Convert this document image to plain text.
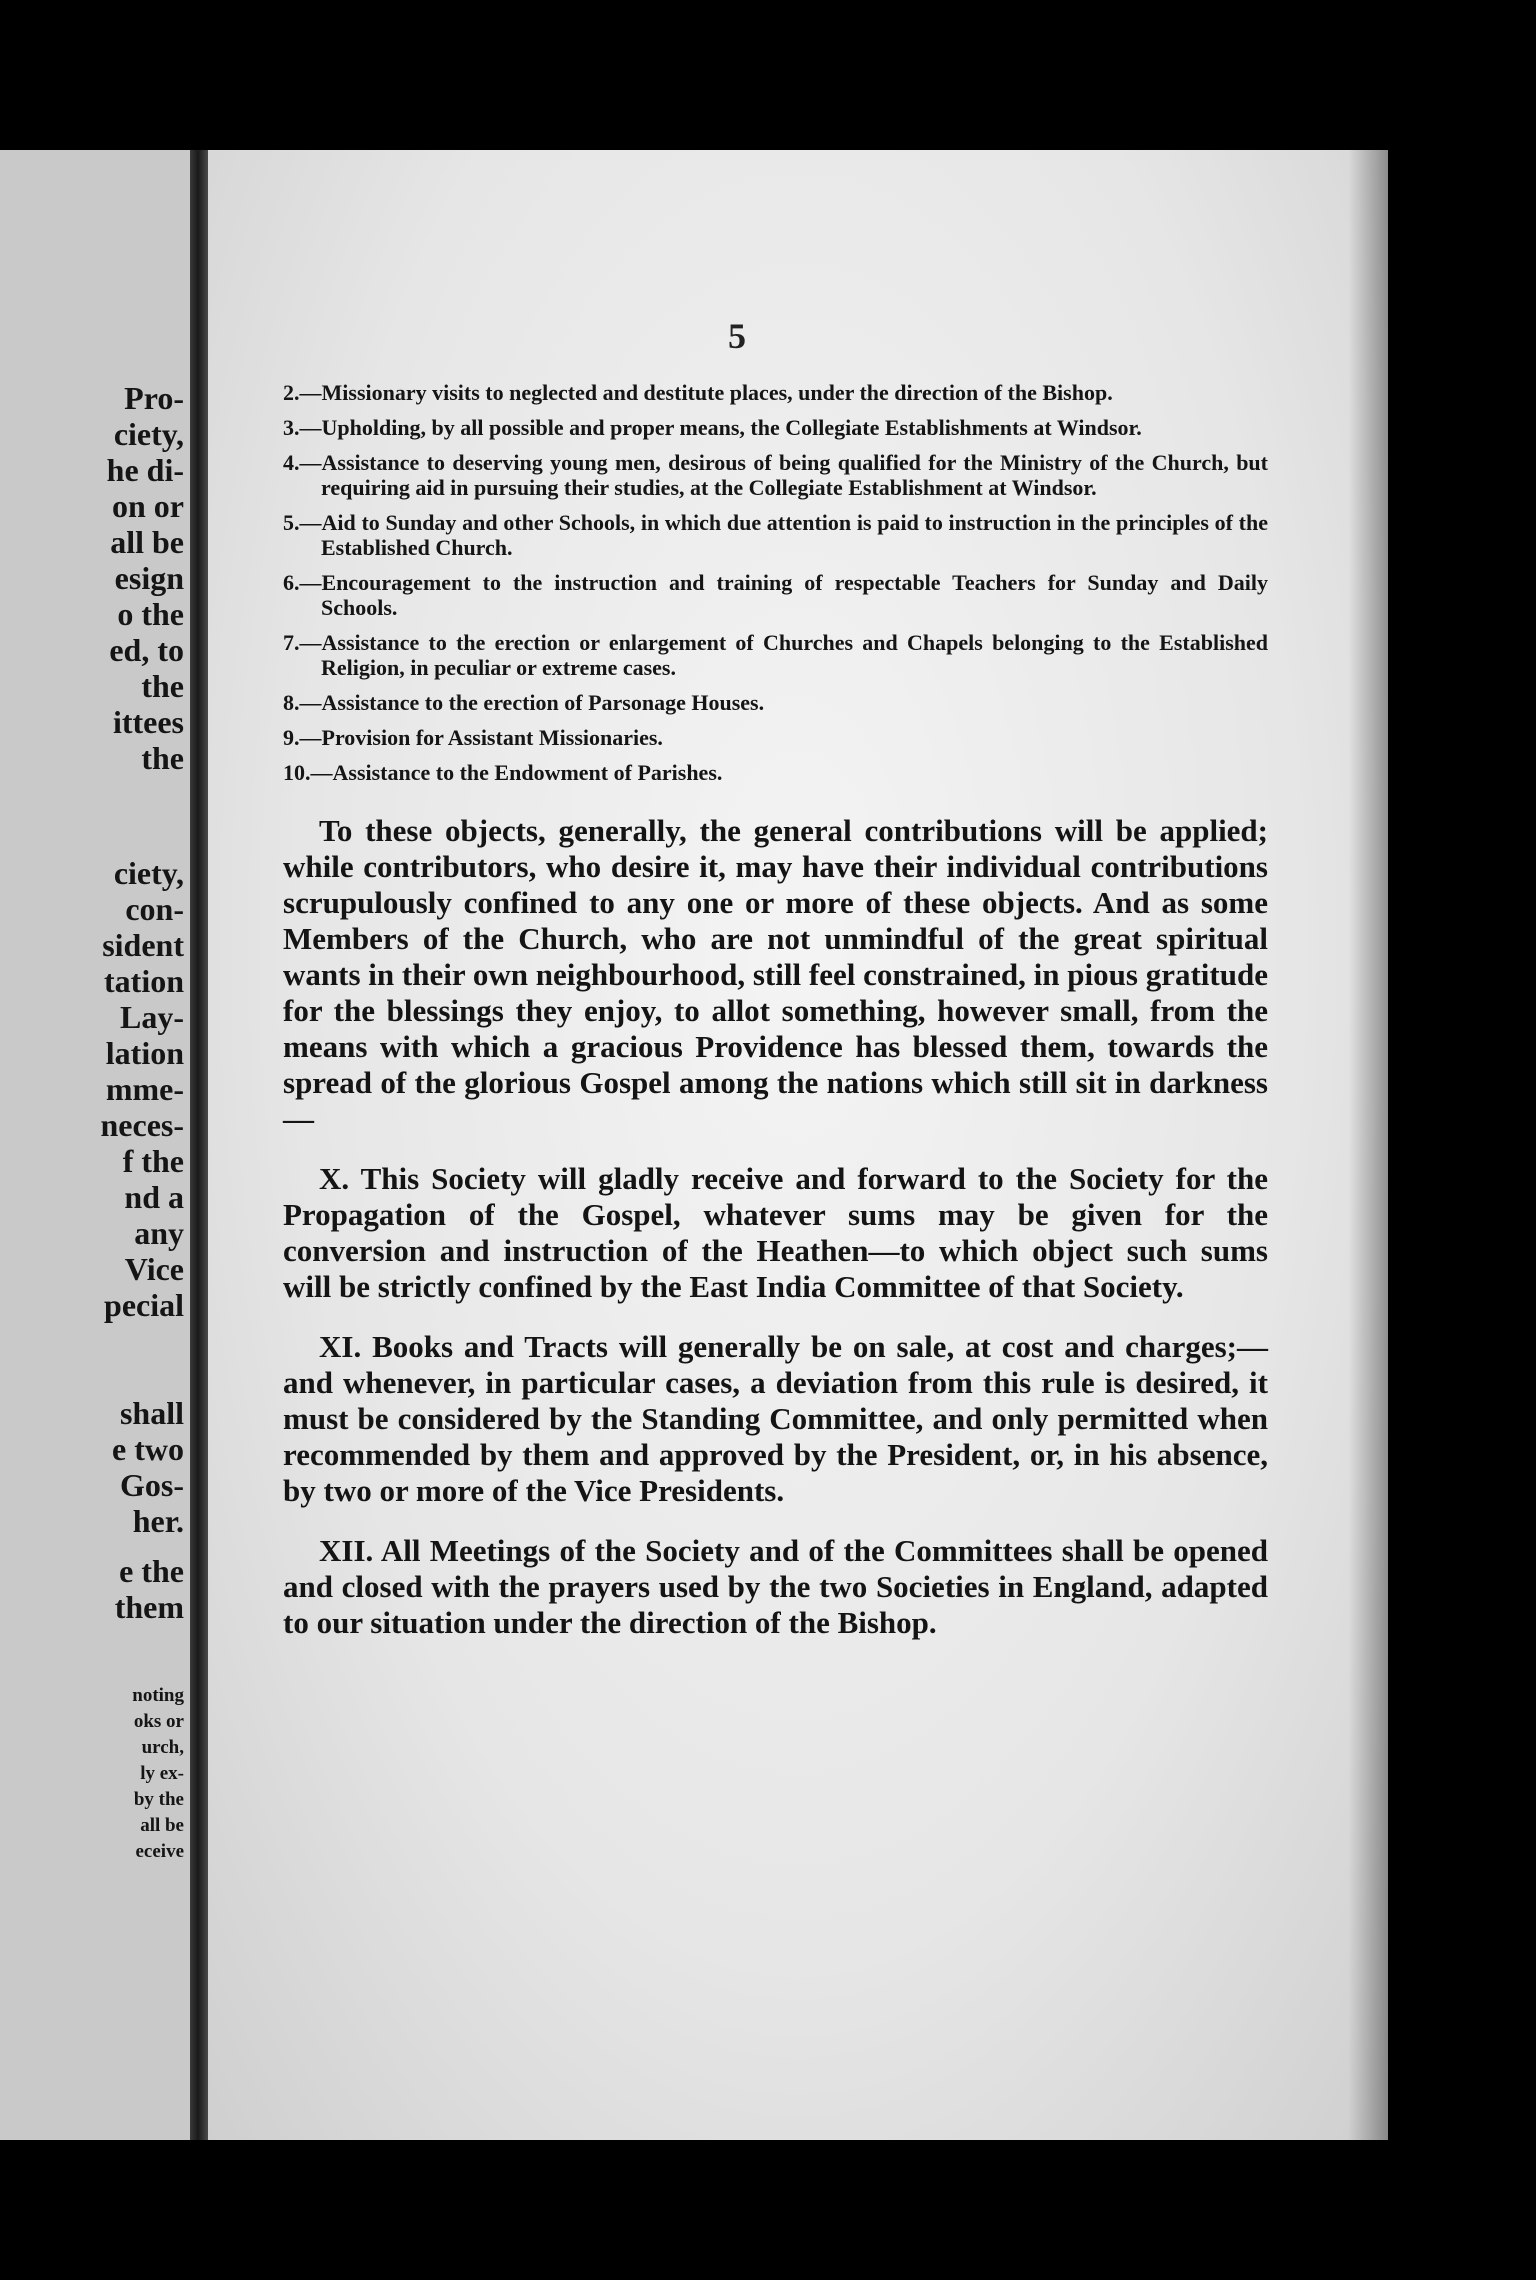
Pro-
ciety,
he di-
on or
all be
esign
o the
ed, to
the
ittees
the
ciety,
con-
sident
tation
Lay-
lation
mme-
neces-
f the
nd a
any
Vice
pecial
shall
e two
Gos-
her.
e the
them
noting
oks or
urch,
ly ex-
by the
all be
eceive
5

2.—Missionary visits to neglected and destitute places, under the direction of the Bishop.

3.—Upholding, by all possible and proper means, the Collegiate Establishments at Windsor.

4.—Assistance to deserving young men, desirous of being qualified for the Ministry of the Church, but requiring aid in pursuing their studies, at the Collegiate Establishment at Windsor.

5.—Aid to Sunday and other Schools, in which due attention is paid to instruction in the principles of the Established Church.

6.—Encouragement to the instruction and training of respectable Teachers for Sunday and Daily Schools.

7.—Assistance to the erection or enlargement of Churches and Chapels belonging to the Established Religion, in peculiar or extreme cases.

8.—Assistance to the erection of Parsonage Houses.

9.—Provision for Assistant Missionaries.

10.—Assistance to the Endowment of Parishes.

To these objects, generally, the general contributions will be applied; while contributors, who desire it, may have their individual contributions scrupulously confined to any one or more of these objects. And as some Members of the Church, who are not unmindful of the great spiritual wants in their own neighbourhood, still feel constrained, in pious gratitude for the blessings they enjoy, to allot something, however small, from the means with which a gracious Providence has blessed them, towards the spread of the glorious Gospel among the nations which still sit in darkness—

X. This Society will gladly receive and forward to the Society for the Propagation of the Gospel, whatever sums may be given for the conversion and instruction of the Heathen—to which object such sums will be strictly confined by the East India Committee of that Society.

XI. Books and Tracts will generally be on sale, at cost and charges;—and whenever, in particular cases, a deviation from this rule is desired, it must be considered by the Standing Committee, and only permitted when recommended by them and approved by the President, or, in his absence, by two or more of the Vice Presidents.

XII. All Meetings of the Society and of the Committees shall be opened and closed with the prayers used by the two Societies in England, adapted to our situation under the direction of the Bishop.
